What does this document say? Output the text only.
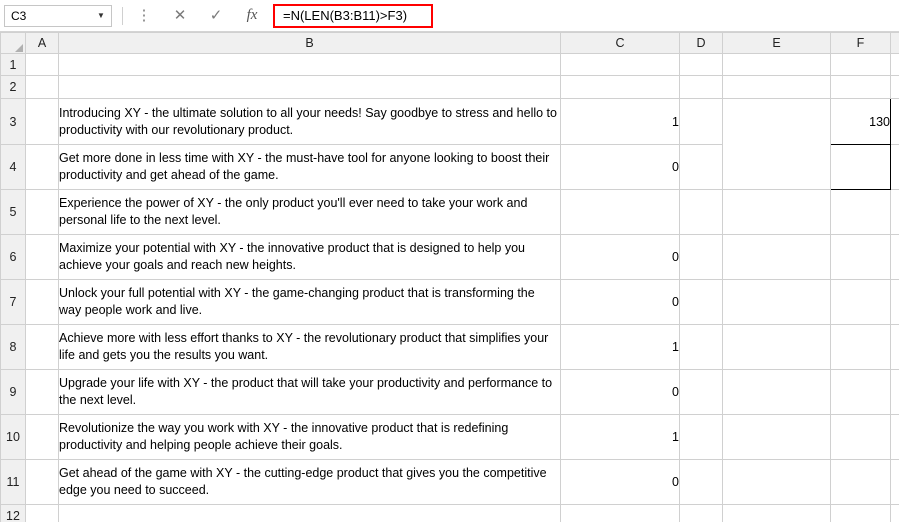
C3	▼ ⋮ ✕ ✓ fx =N(LEN(B3:B11)>F3)
	A	B	C	D	E	F	
1							
2		Marketing Copy	Total Char Count				
3		Introducing XY - the ultimate solution to all your needs! Say goodbye to stress and hello to productivity with our revolutionary product.	1		Character Limit	130	
4		Get more done in less time with XY - the must-have tool for anyone looking to boost their productivity and get ahead of the game.	0		Count		
5		Experience the power of XY - the only product you'll ever need to take your work and personal life to the next level.					
6		Maximize your potential with XY - the innovative product that is designed to help you achieve your goals and reach new heights.	0				
7		Unlock your full potential with XY - the game-changing product that is transforming the way people work and live.	0				
8		Achieve more with less effort thanks to XY - the revolutionary product that simplifies your life and gets you the results you want.	1				
9		Upgrade your life with XY - the product that will take your productivity and performance to the next level.	0				
10		Revolutionize the way you work with XY - the innovative product that is redefining productivity and helping people achieve their goals.	1				
11		Get ahead of the game with XY - the cutting-edge product that gives you the competitive edge you need to succeed.	0				
12							
